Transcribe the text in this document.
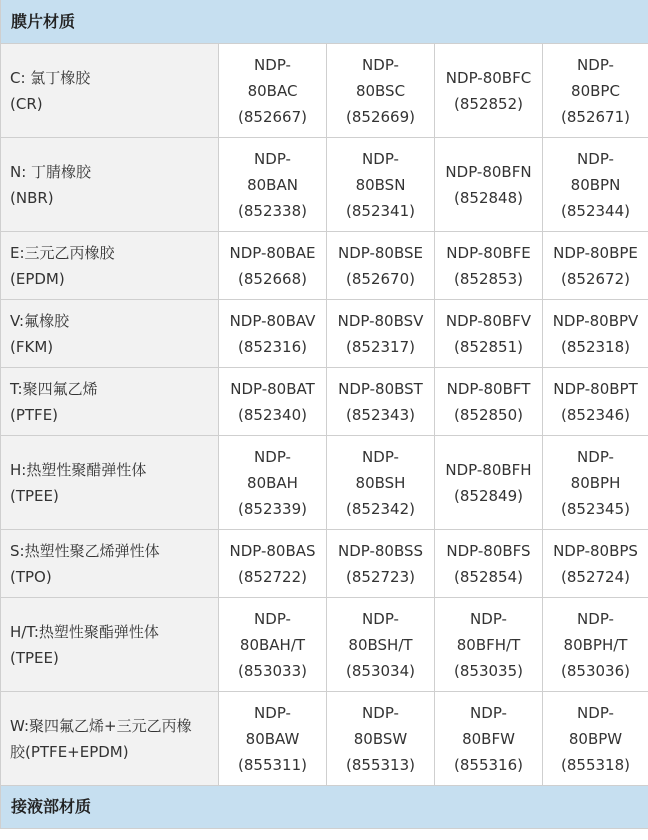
膜片材质				

C: 氯丁橡胶
(CR)	NDP-
80BAC
(852667)	NDP-
80BSC
(852669)	NDP-80BFC
(852852)	NDP-
80BPC
(852671)

N: 丁腈橡胶
(NBR)	NDP-
80BAN
(852338)	NDP-
80BSN
(852341)	NDP-80BFN
(852848)	NDP-
80BPN
(852344)

E:三元乙丙橡胶
(EPDM)	NDP-80BAE
(852668)	NDP-80BSE
(852670)	NDP-80BFE
(852853)	NDP-80BPE
(852672)

V:氟橡胶
(FKM)	NDP-80BAV
(852316)	NDP-80BSV
(852317)	NDP-80BFV
(852851)	NDP-80BPV
(852318)

T:聚四氟乙烯
(PTFE)	NDP-80BAT
(852340)	NDP-80BST
(852343)	NDP-80BFT
(852850)	NDP-80BPT
(852346)

H:热塑性聚醋弹性体
(TPEE)	NDP-
80BAH
(852339)	NDP-
80BSH
(852342)	NDP-80BFH
(852849)	NDP-
80BPH
(852345)

S:热塑性聚乙烯弹性体
(TPO)	NDP-80BAS
(852722)	NDP-80BSS
(852723)	NDP-80BFS
(852854)	NDP-80BPS
(852724)

H/T:热塑性聚酯弹性体
(TPEE)	NDP-
80BAH/T
(853033)	NDP-
80BSH/T
(853034)	NDP-
80BFH/T
(853035)	NDP-
80BPH/T
(853036)

W:聚四氟乙烯+三元乙丙橡
胶(PTFE+EPDM)	NDP-
80BAW
(855311)	NDP-
80BSW
(855313)	NDP-
80BFW
(855316)	NDP-
80BPW
(855318)

接液部材质				
